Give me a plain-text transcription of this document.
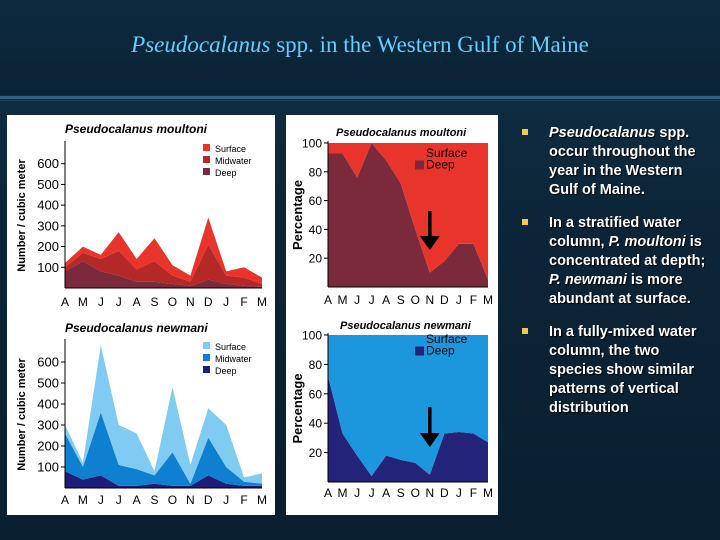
Pseudocalanus spp. in the Western Gulf of Maine
100
200
300
400
500
600
A M J J A S O N D J F M
Pseudocalanus moultoni
Number / cubic meter
Surface
Midwater
Deep
100
200
300
400
500
600
A M J J A S O N D J F M
Pseudocalanus newmani
Number / cubic meter
Surface
Midwater
Deep
20
40
60
80
100
A M J J A S O N D J F M
Pseudocalanus moultoni
Percentage
Surface
Deep
20
40
60
80
100
A M J J A S O N D J F M
Pseudocalanus newmani
Percentage
Surface
Deep
Pseudocalanus spp. occur throughout the year in the Western Gulf of Maine.
In a stratified water column, P. moultoni is concentrated at depth; P. newmani is more abundant at surface.
In a fully-mixed water column, the two species show similar patterns of vertical distribution
